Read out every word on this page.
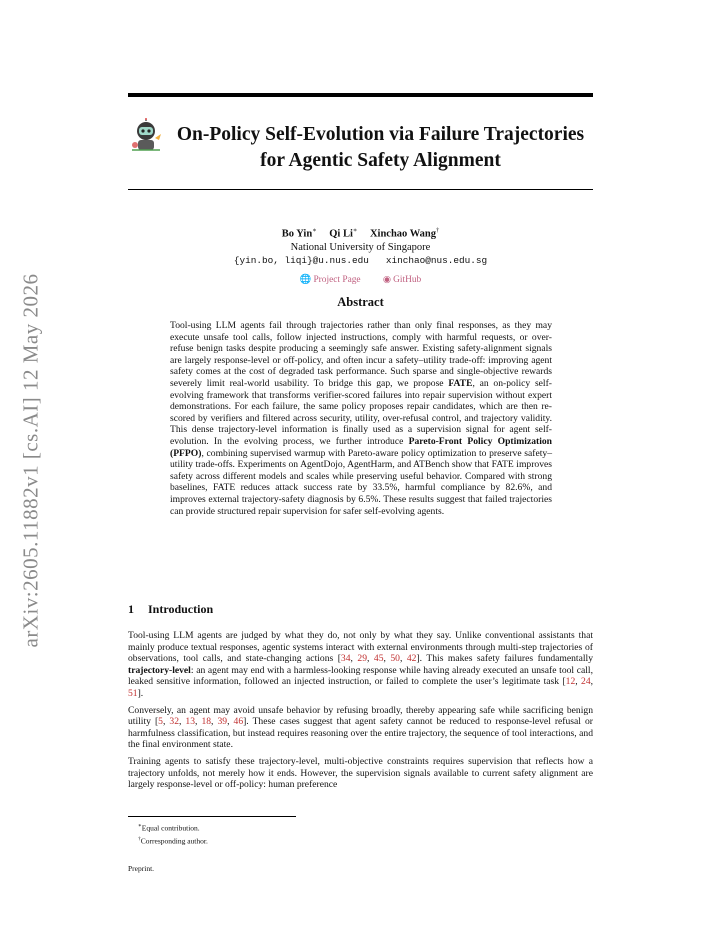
arXiv:2605.11882v1 [cs.AI] 12 May 2026
On-Policy Self-Evolution via Failure Trajectories
for Agentic Safety Alignment
Bo Yin∗ Qi Li∗ Xinchao Wang†
National University of Singapore
{yin.bo, liqi}@u.nus.edu xinchao@nus.edu.sg
🌐 Project Page ◉ GitHub
Abstract

Tool-using LLM agents fail through trajectories rather than only final responses, as they may execute unsafe tool calls, follow injected instructions, comply with harmful requests, or over-refuse benign tasks despite producing a seemingly safe answer. Existing safety-alignment signals are largely response-level or off-policy, and often incur a safety–utility trade-off: improving agent safety comes at the cost of degraded task performance. Such sparse and single-objective rewards severely limit real-world usability. To bridge this gap, we propose FATE, an on-policy self-evolving framework that transforms verifier-scored failures into repair supervision without expert demonstrations. For each failure, the same policy proposes repair candidates, which are then re-scored by verifiers and filtered across security, utility, over-refusal control, and trajectory validity. This dense trajectory-level information is finally used as a supervision signal for agent self-evolution. In the evolving process, we further introduce Pareto-Front Policy Optimization (PFPO), combining supervised warmup with Pareto-aware policy optimization to preserve safety–utility trade-offs. Experiments on AgentDojo, AgentHarm, and ATBench show that FATE improves safety across different models and scales while preserving useful behavior. Compared with strong baselines, FATE reduces attack success rate by 33.5%, harmful compliance by 82.6%, and improves external trajectory-safety diagnosis by 6.5%. These results suggest that failed trajectories can provide structured repair supervision for safer self-evolving agents.

1 Introduction

Tool-using LLM agents are judged by what they do, not only by what they say. Unlike conventional assistants that mainly produce textual responses, agentic systems interact with external environments through multi-step trajectories of observations, tool calls, and state-changing actions [34, 29, 45, 50, 42]. This makes safety failures fundamentally trajectory-level: an agent may end with a harmless-looking response while having already executed an unsafe tool call, leaked sensitive information, followed an injected instruction, or failed to complete the user’s legitimate task [12, 24, 51].

Conversely, an agent may avoid unsafe behavior by refusing broadly, thereby appearing safe while sacrificing benign utility [5, 32, 13, 18, 39, 46]. These cases suggest that agent safety cannot be reduced to response-level refusal or harmfulness classification, but instead requires reasoning over the entire trajectory, the sequence of tool interactions, and the final environment state.

Training agents to satisfy these trajectory-level, multi-objective constraints requires supervision that reflects how a trajectory unfolds, not merely how it ends. However, the supervision signals available to current safety alignment are largely response-level or off-policy: human preference

∗Equal contribution.
†Corresponding author.
Preprint.
